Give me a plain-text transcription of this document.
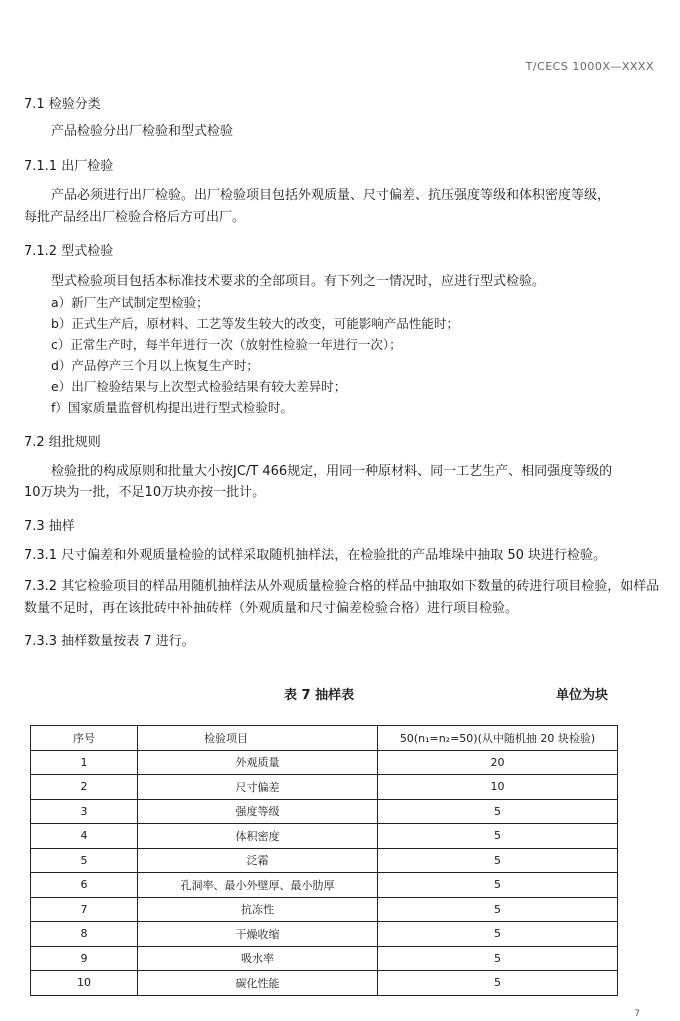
T/CECS 1000X—XXXX
7.1 检验分类
产品检验分出厂检验和型式检验
7.1.1 出厂检验
产品必须进行出厂检验。出厂检验项目包括外观质量、尺寸偏差、抗压强度等级和体积密度等级，
每批产品经出厂检验合格后方可出厂。
7.1.2 型式检验
型式检验项目包括本标准技术要求的全部项目。有下列之一情况时，应进行型式检验。
a）新厂生产试制定型检验；
b）正式生产后，原材料、工艺等发生较大的改变，可能影响产品性能时；
c）正常生产时，每半年进行一次（放射性检验一年进行一次）；
d）产品停产三个月以上恢复生产时；
e）出厂检验结果与上次型式检验结果有较大差异时；
f）国家质量监督机构提出进行型式检验时。
7.2 组批规则
检验批的构成原则和批量大小按JC/T 466规定，用同一种原材料、同一工艺生产、相同强度等级的
10万块为一批，不足10万块亦按一批计。
7.3 抽样
7.3.1 尺寸偏差和外观质量检验的试样采取随机抽样法，在检验批的产品堆垛中抽取 50 块进行检验。
7.3.2 其它检验项目的样品用随机抽样法从外观质量检验合格的样品中抽取如下数量的砖进行项目检验，如样品数量不足时，再在该批砖中补抽砖样（外观质量和尺寸偏差检验合格）进行项目检验。
7.3.3 抽样数量按表 7 进行。
表 7 抽样表	单位为块
序号	检验项目	50(n₁=n₂=50)(从中随机抽 20 块检验)
1	外观质量	20
2	尺寸偏差	10
3	强度等级	5
4	体积密度	5
5	泛霜	5
6	孔洞率、最小外壁厚、最小肋厚	5
7	抗冻性	5
8	干燥收缩	5
9	吸水率	5
10	碳化性能	5
7
